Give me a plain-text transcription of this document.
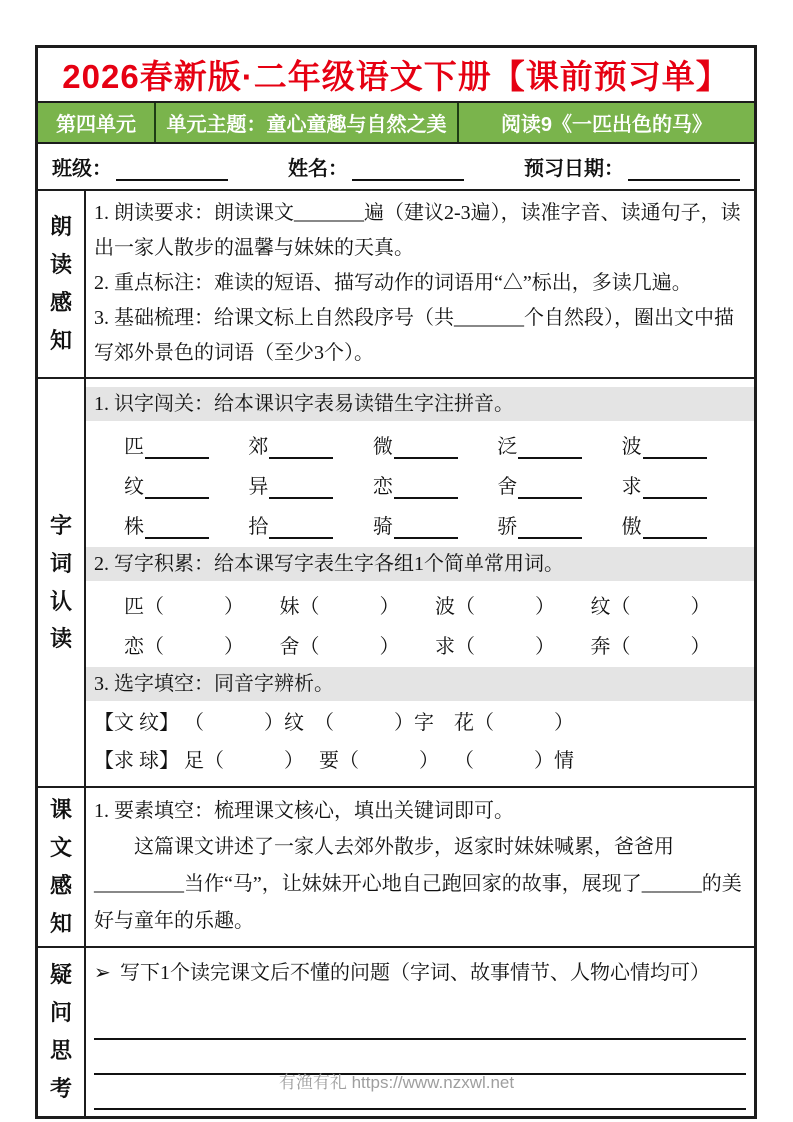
2026春新版·二年级语文下册【课前预习单】
第四单元	单元主题：童心童趣与自然之美	阅读9《一匹出色的马》
班级：	姓名：	预习日期：
朗读感知

1. 朗读要求：朗读课文_______遍（建议2-3遍），读准字音、读通句子，读出一家人散步的温馨与妹妹的天真。

2. 重点标注：难读的短语、描写动作的词语用“△”标出，多读几遍。

3. 基础梳理：给课文标上自然段序号（共_______个自然段），圈出文中描写郊外景色的词语（至少3个）。

字词认读
1. 识字闯关：给本课识字表易读错生字注拼音。
匹	郊	微	泛	波
纹	异	恋	舍	求
株	拾	骑	骄	傲
2. 写字积累：给本课写字表生字各组1个简单常用词。
匹（　　　）	妹（　　　）	波（　　　）	纹（　　　）
恋（　　　）	舍（　　　）	求（　　　）	奔（　　　）
3. 选字填空：同音字辨析。
【文 纹】 （　　　）纹　（　　　）字　花（　　　）
【求 球】 足（　　　）　 要（　　　）　 （　　　）情
课文感知
1. 要素填空：梳理课文核心，填出关键词即可。
这篇课文讲述了一家人去郊外散步，返家时妹妹喊累，爸爸用_________当作“马”，让妹妹开心地自己跑回家的故事，展现了______的美好与童年的乐趣。
疑问思考
➢ 写下1个读完课文后不懂的问题（字词、故事情节、人物心情均可）
有渔有礼 https://www.nzxwl.net
